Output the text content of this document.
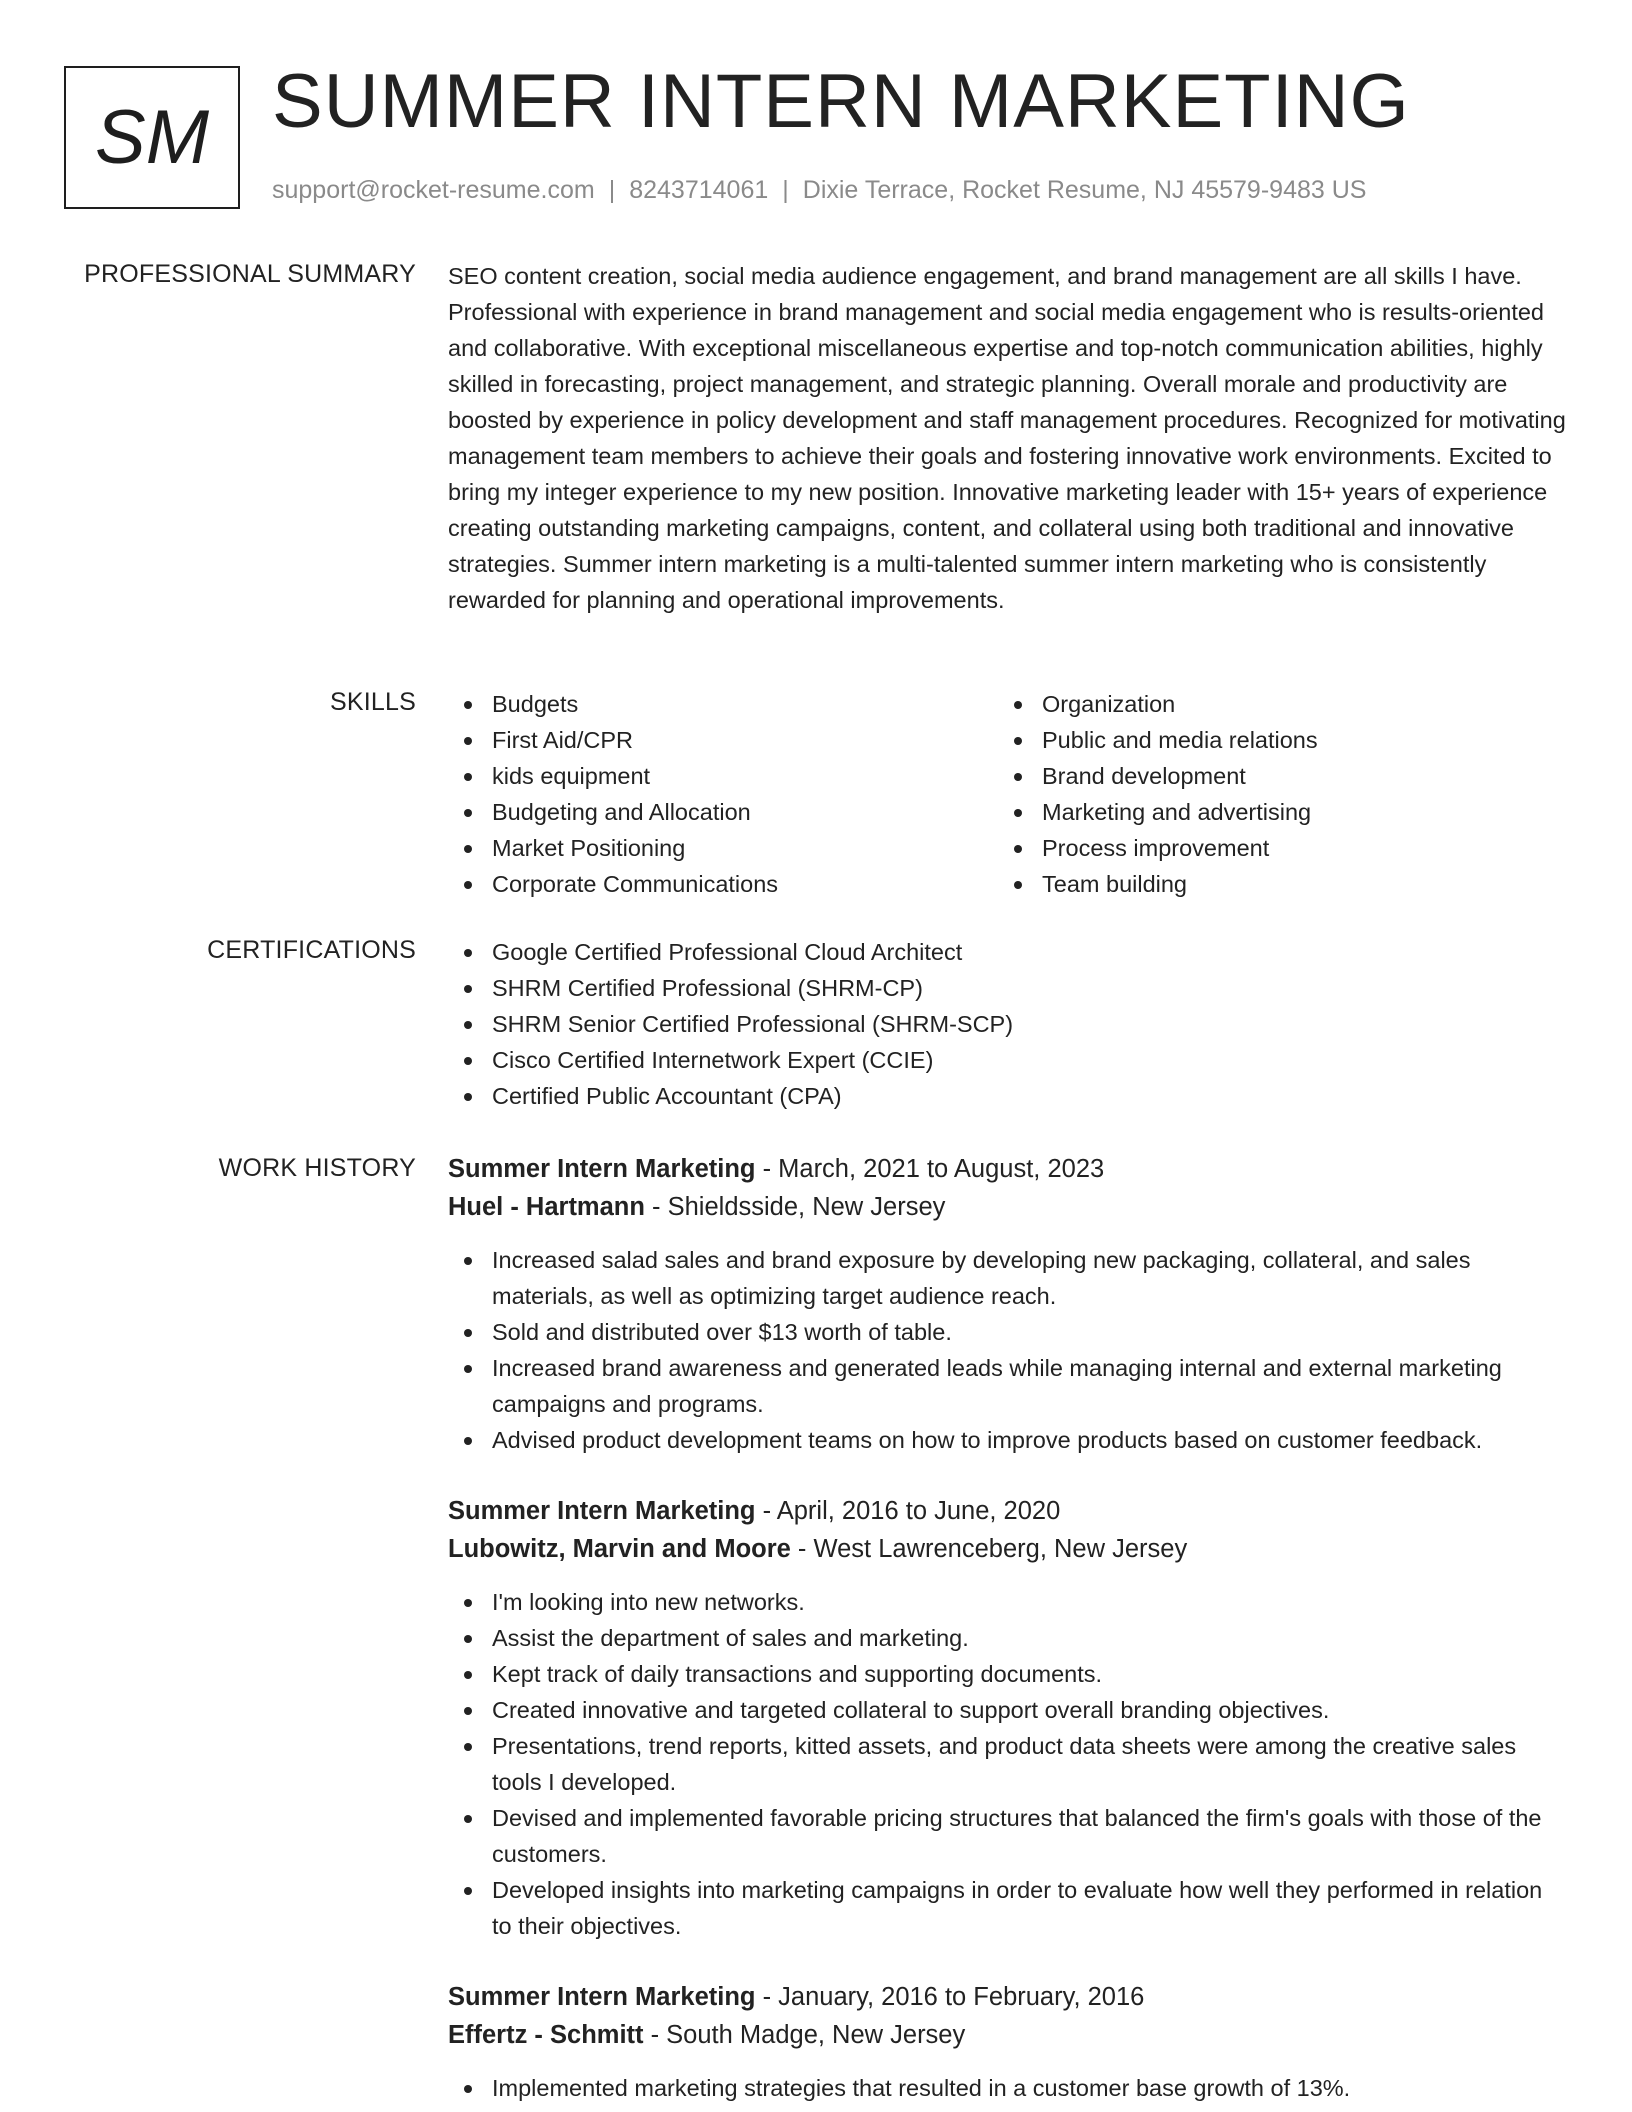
SM SUMMER INTERN MARKETING
support@rocket-resume.com | 8243714061 | Dixie Terrace, Rocket Resume, NJ 45579-9483 US
PROFESSIONAL SUMMARY SEO content creation, social media audience engagement, and brand management are all skills I have. Professional with experience in brand management and social media engagement who is results-oriented and collaborative. With exceptional miscellaneous expertise and top-notch communication abilities, highly skilled in forecasting, project management, and strategic planning. Overall morale and productivity are boosted by experience in policy development and staff management procedures. Recognized for motivating management team members to achieve their goals and fostering innovative work environments. Excited to bring my integer experience to my new position. Innovative marketing leader with 15+ years of experience creating outstanding marketing campaigns, content, and collateral using both traditional and innovative strategies. Summer intern marketing is a multi-talented summer intern marketing who is consistently rewarded for planning and operational improvements.
SKILLS	Budgets
First Aid/CPR
kids equipment
Budgeting and Allocation
Market Positioning
Corporate Communications
Organization
Public and media relations
Brand development
Marketing and advertising
Process improvement
Team building
CERTIFICATIONS	Google Certified Professional Cloud Architect
SHRM Certified Professional (SHRM-CP)
SHRM Senior Certified Professional (SHRM-SCP)
Cisco Certified Internetwork Expert (CCIE)
Certified Public Accountant (CPA)
WORK HISTORY Summer Intern Marketing - March, 2021 to August, 2023
Huel - Hartmann - Shieldsside, New Jersey
Increased salad sales and brand exposure by developing new packaging, collateral, and sales materials, as well as optimizing target audience reach.
Sold and distributed over $13 worth of table.
Increased brand awareness and generated leads while managing internal and external marketing campaigns and programs.
Advised product development teams on how to improve products based on customer feedback.
Summer Intern Marketing - April, 2016 to June, 2020
Lubowitz, Marvin and Moore - West Lawrenceberg, New Jersey
I'm looking into new networks.
Assist the department of sales and marketing.
Kept track of daily transactions and supporting documents.
Created innovative and targeted collateral to support overall branding objectives.
Presentations, trend reports, kitted assets, and product data sheets were among the creative sales tools I developed.
Devised and implemented favorable pricing structures that balanced the firm's goals with those of the customers.
Developed insights into marketing campaigns in order to evaluate how well they performed in relation to their objectives.
Summer Intern Marketing - January, 2016 to February, 2016
Effertz - Schmitt - South Madge, New Jersey
Implemented marketing strategies that resulted in a customer base growth of 13%.
